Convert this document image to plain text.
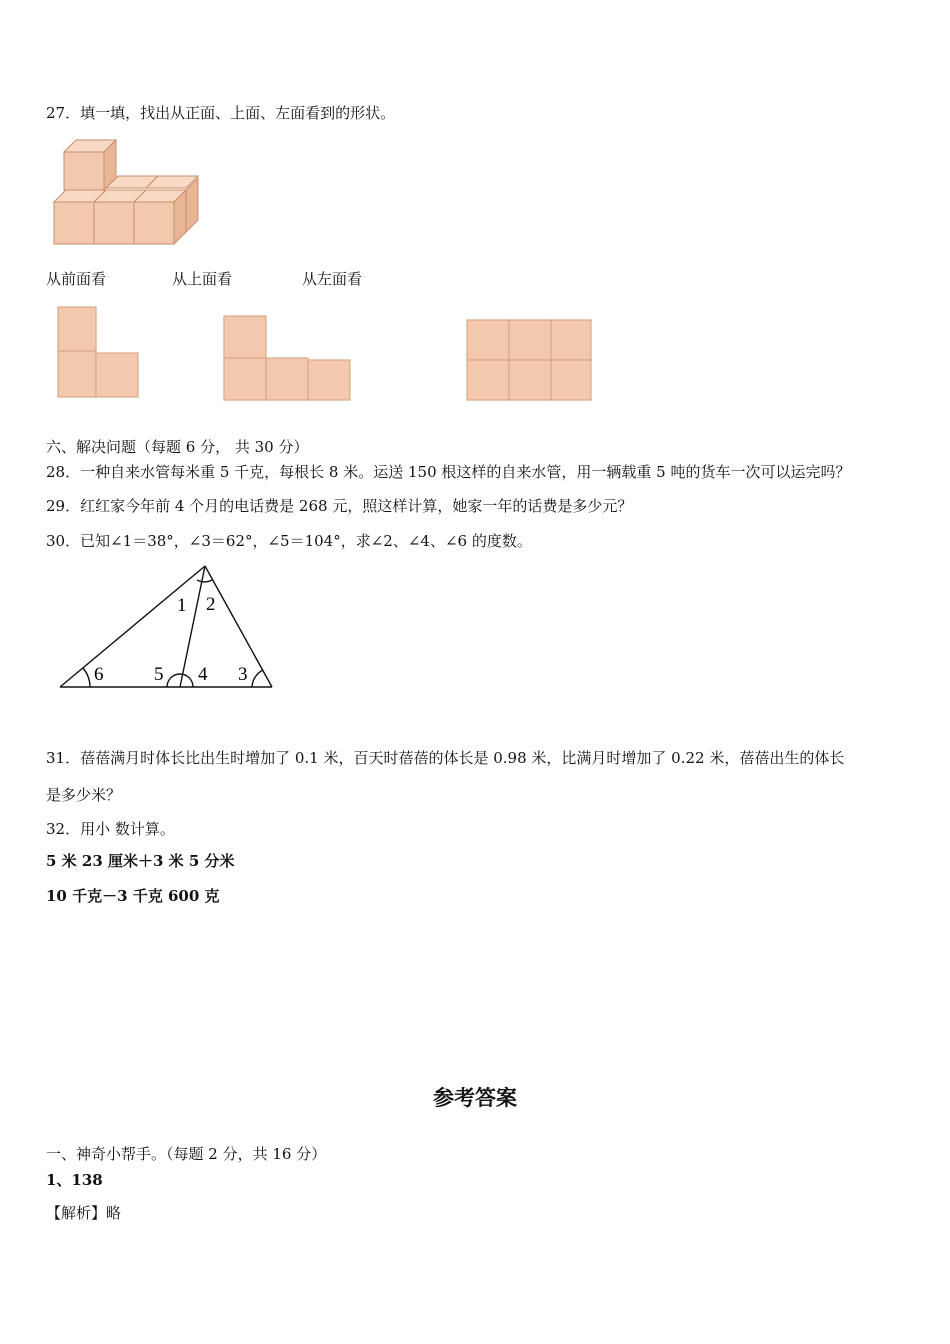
27．填一填，找出从正面、上面、左面看到的形状。
从前面看	从上面看	从左面看
六、解决问题（每题 6 分， 共 30 分）
28．一种自来水管每米重 5 千克，每根长 8 米。运送 150 根这样的自来水管，用一辆载重 5 吨的货车一次可以运完吗？
29．红红家今年前 4 个月的电话费是 268 元，照这样计算，她家一年的话费是多少元？
30．已知∠1＝38°，∠3＝62°，∠5＝104°，求∠2、∠4、∠6 的度数。
1 2
3
4
5
6
31．蓓蓓满月时体长比出生时增加了 0.1 米，百天时蓓蓓的体长是 0.98 米，比满月时增加了 0.22 米，蓓蓓出生的体长
是多少米？
32．用小 数计算。
5 米 23 厘米＋3 米 5 分米
10 千克－3 千克 600 克
参考答案
一、神奇小帮手。（每题 2 分，共 16 分）
1、138
【解析】略
